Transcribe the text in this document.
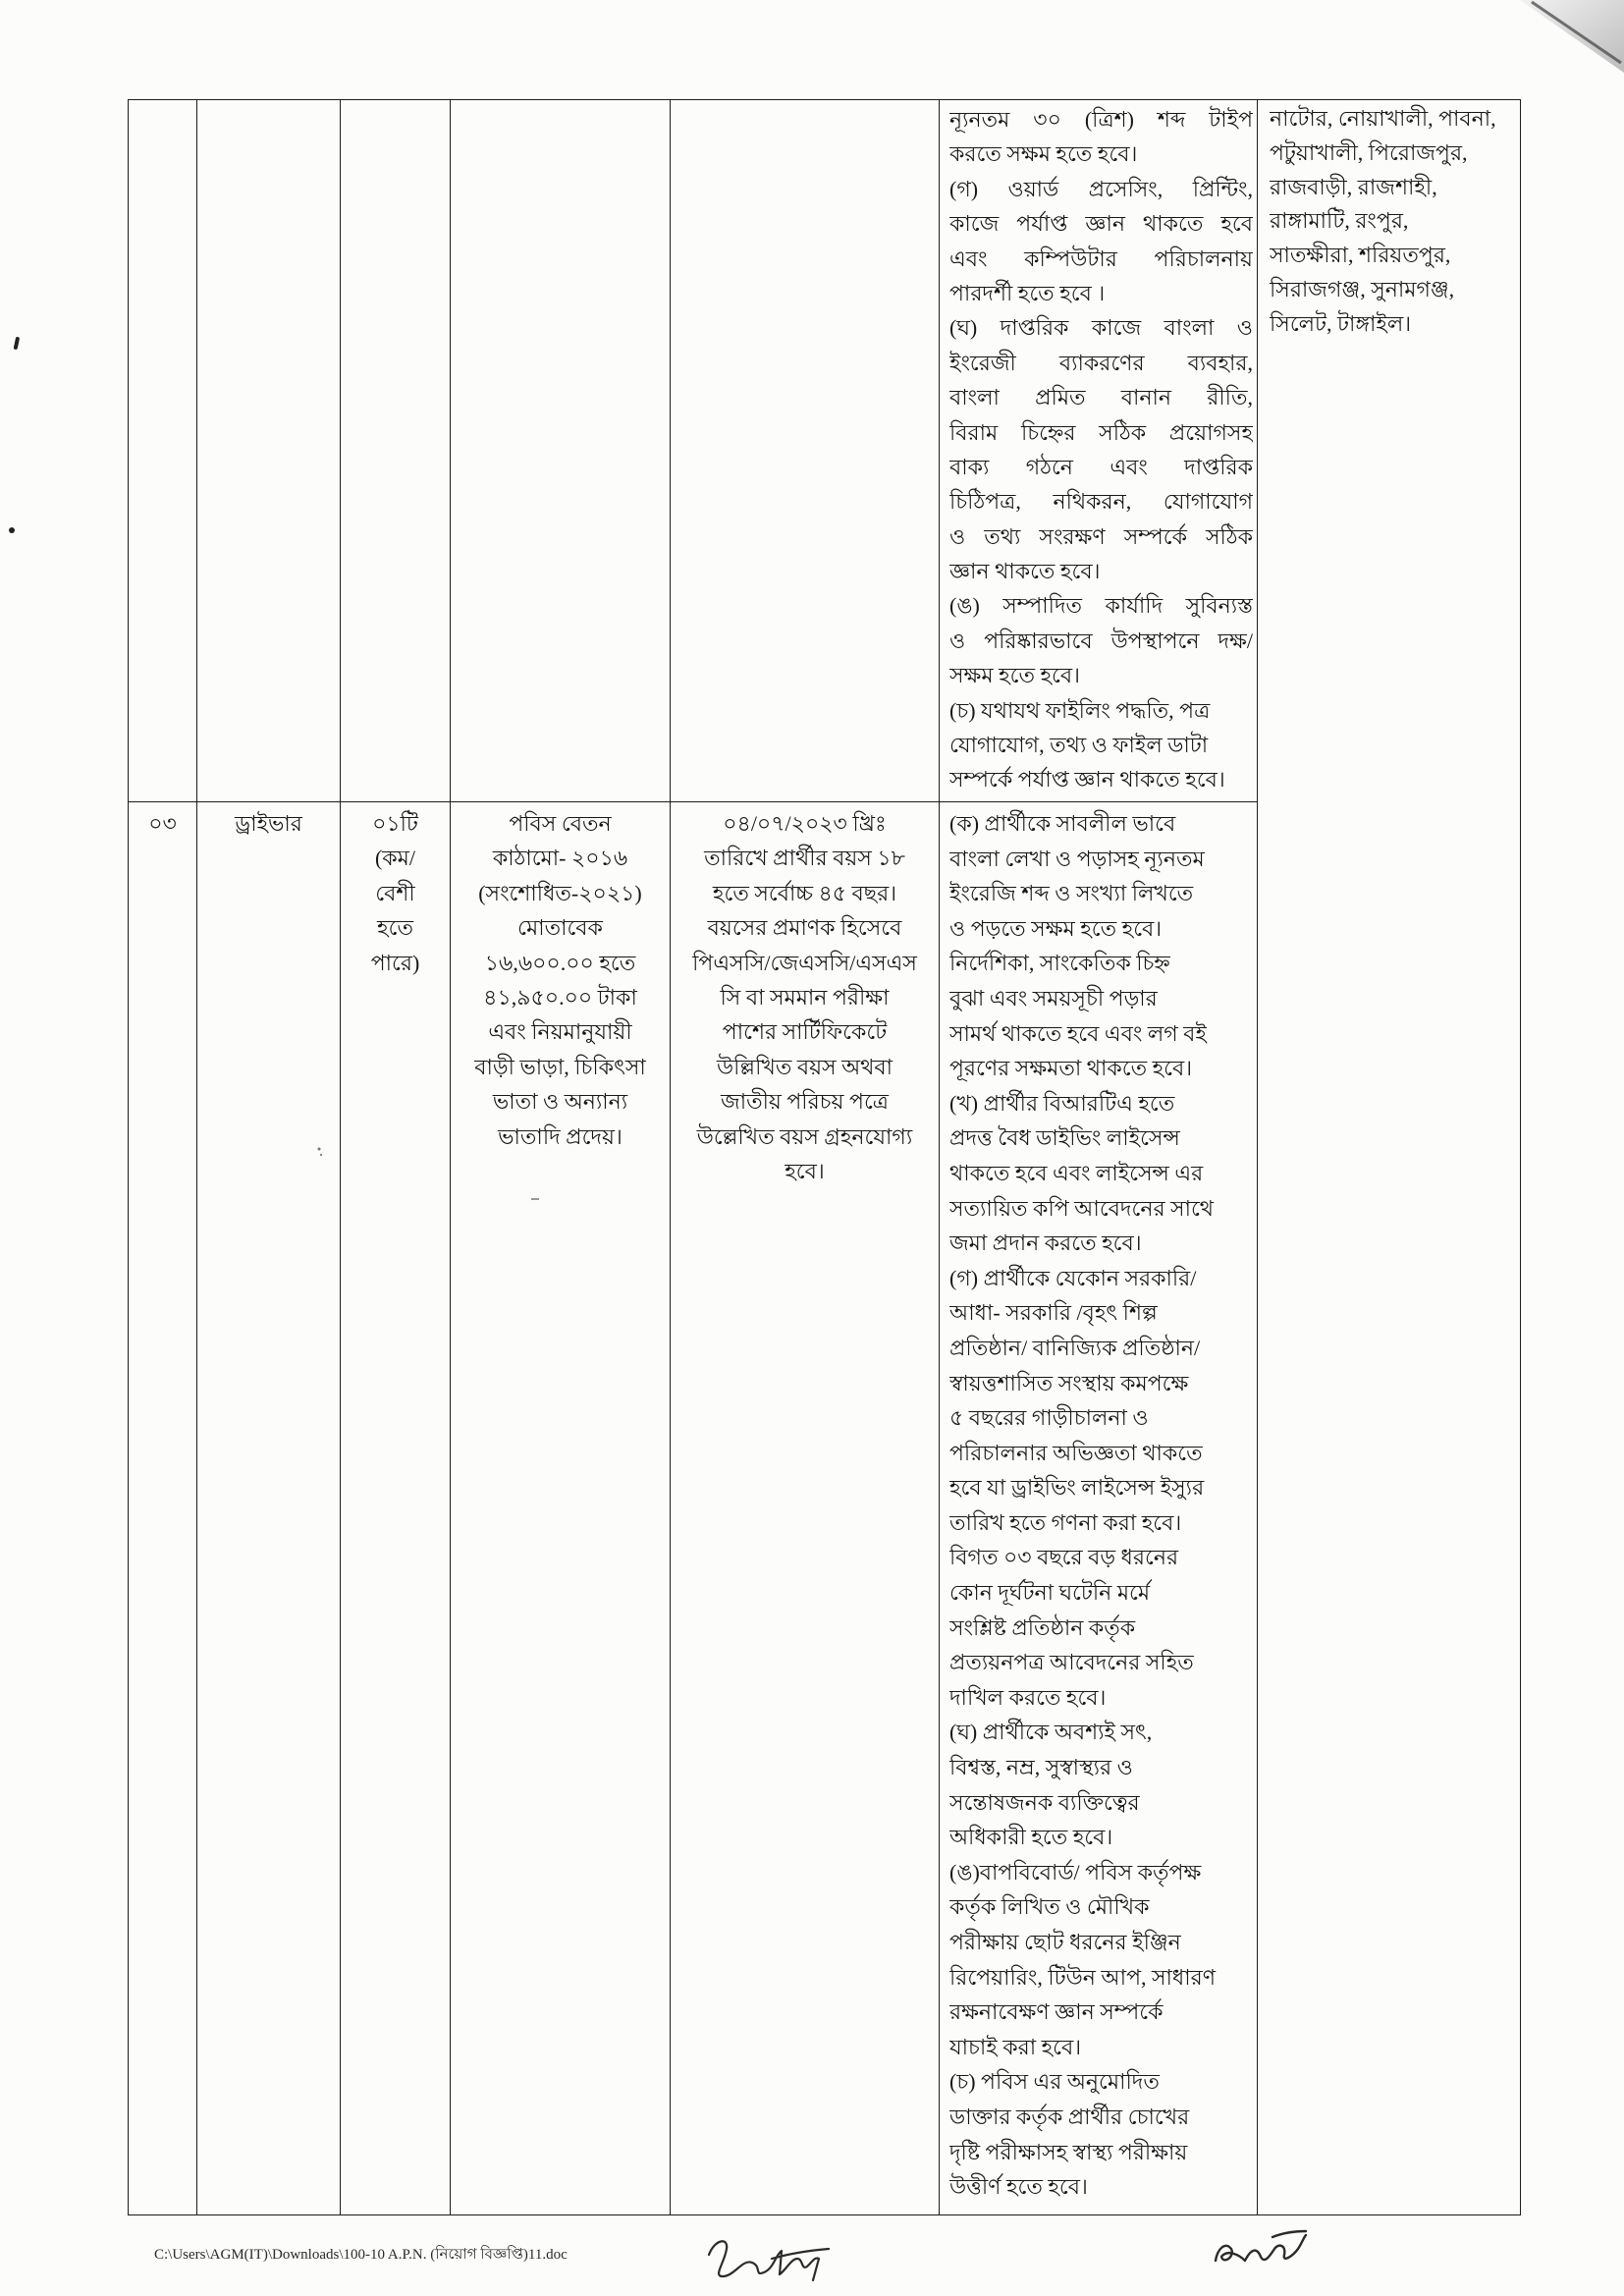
ন্যূনতম ৩০ (ত্রিশ) শব্দ টাইপ
করতে সক্ষম হতে হবে।
(গ) ওয়ার্ড প্রসেসিং, প্রিন্টিং,
কাজে পর্যাপ্ত জ্ঞান থাকতে হবে
এবং কম্পিউটার পরিচালনায়
পারদর্শী হতে হবে ।
(ঘ) দাপ্তরিক কাজে বাংলা ও
ইংরেজী ব্যাকরণের ব্যবহার,
বাংলা প্রমিত বানান রীতি,
বিরাম চিহ্নের সঠিক প্রয়োগসহ
বাক্য গঠনে এবং দাপ্তরিক
চিঠিপত্র, নথিকরন, যোগাযোগ
ও তথ্য সংরক্ষণ সম্পর্কে সঠিক
জ্ঞান থাকতে হবে।
(ঙ) সম্পাদিত কার্যাদি সুবিন্যস্ত
ও পরিষ্কারভাবে উপস্থাপনে দক্ষ/
সক্ষম হতে হবে।
(চ) যথাযথ ফাইলিং পদ্ধতি, পত্র
যোগাযোগ, তথ্য ও ফাইল ডাটা
সম্পর্কে পর্যাপ্ত জ্ঞান থাকতে হবে।
নাটোর, নোয়াখালী, পাবনা,
পটুয়াখালী, পিরোজপুর,
রাজবাড়ী, রাজশাহী,
রাঙ্গামাটি, রংপুর,
সাতক্ষীরা, শরিয়তপুর,
সিরাজগঞ্জ, সুনামগঞ্জ,
সিলেট, টাঙ্গাইল।
০৩	ড্রাইভার	০১টি
(কম/
বেশী
হতে
পারে)
পবিস বেতন
কাঠামো- ২০১৬
(সংশোধিত-২০২১)
মোতাবেক
১৬,৬০০.০০ হতে
৪১,৯৫০.০০ টাকা
এবং নিয়মানুযায়ী
বাড়ী ভাড়া, চিকিৎসা
ভাতা ও অন্যান্য
ভাতাদি প্রদেয়।
০৪/০৭/২০২৩ খ্রিঃ
তারিখে প্রার্থীর বয়স ১৮
হতে সর্বোচ্চ ৪৫ বছর।
বয়সের প্রমাণক হিসেবে
পিএসসি/জেএসসি/এসএস
সি বা সমমান পরীক্ষা
পাশের সার্টিফিকেটে
উল্লিখিত বয়স অথবা
জাতীয় পরিচয় পত্রে
উল্লেখিত বয়স গ্রহনযোগ্য
হবে।
(ক) প্রার্থীকে সাবলীল ভাবে
বাংলা লেখা ও পড়াসহ ন্যূনতম
ইংরেজি শব্দ ও সংখ্যা লিখতে
ও পড়তে সক্ষম হতে হবে।
নির্দেশিকা, সাংকেতিক চিহ্ন
বুঝা এবং সময়সূচী পড়ার
সামর্থ থাকতে হবে এবং লগ বই
পূরণের সক্ষমতা থাকতে হবে।
(খ) প্রার্থীর বিআরটিএ হতে
প্রদত্ত বৈধ ডাইভিং লাইসেন্স
থাকতে হবে এবং লাইসেন্স এর
সত্যায়িত কপি আবেদনের সাথে
জমা প্রদান করতে হবে।
(গ) প্রার্থীকে যেকোন সরকারি/
আধা- সরকারি /বৃহৎ শিল্প
প্রতিষ্ঠান/ বানিজ্যিক প্রতিষ্ঠান/
স্বায়ত্তশাসিত সংস্থায় কমপক্ষে
৫ বছরের গাড়ীচালনা ও
পরিচালনার অভিজ্ঞতা থাকতে
হবে যা ড্রাইভিং লাইসেন্স ইস্যুর
তারিখ হতে গণনা করা হবে।
বিগত ০৩ বছরে বড় ধরনের
কোন দূর্ঘটনা ঘটেনি মর্মে
সংশ্লিষ্ট প্রতিষ্ঠান কর্তৃক
প্রত্যয়নপত্র আবেদনের সহিত
দাখিল করতে হবে।
(ঘ) প্রার্থীকে অবশ্যই সৎ,
বিশ্বস্ত, নম্র, সুস্বাস্থ্যর ও
সন্তোষজনক ব্যক্তিত্বের
অধিকারী হতে হবে।
(ঙ)বাপবিবোর্ড/ পবিস কর্তৃপক্ষ
কর্তৃক লিখিত ও মৌখিক
পরীক্ষায় ছোট ধরনের ইঞ্জিন
রিপেয়ারিং, টিউন আপ, সাধারণ
রক্ষনাবেক্ষণ জ্ঞান সম্পর্কে
যাচাই করা হবে।
(চ) পবিস এর অনুমোদিত
ডাক্তার কর্তৃক প্রার্থীর চোখের
দৃষ্টি পরীক্ষাসহ স্বাস্থ্য পরীক্ষায়
উত্তীর্ণ হতে হবে।
C:\Users\AGM(IT)\Downloads\100-10 A.P.N. (নিয়োগ বিজ্ঞপ্তি)11.doc
